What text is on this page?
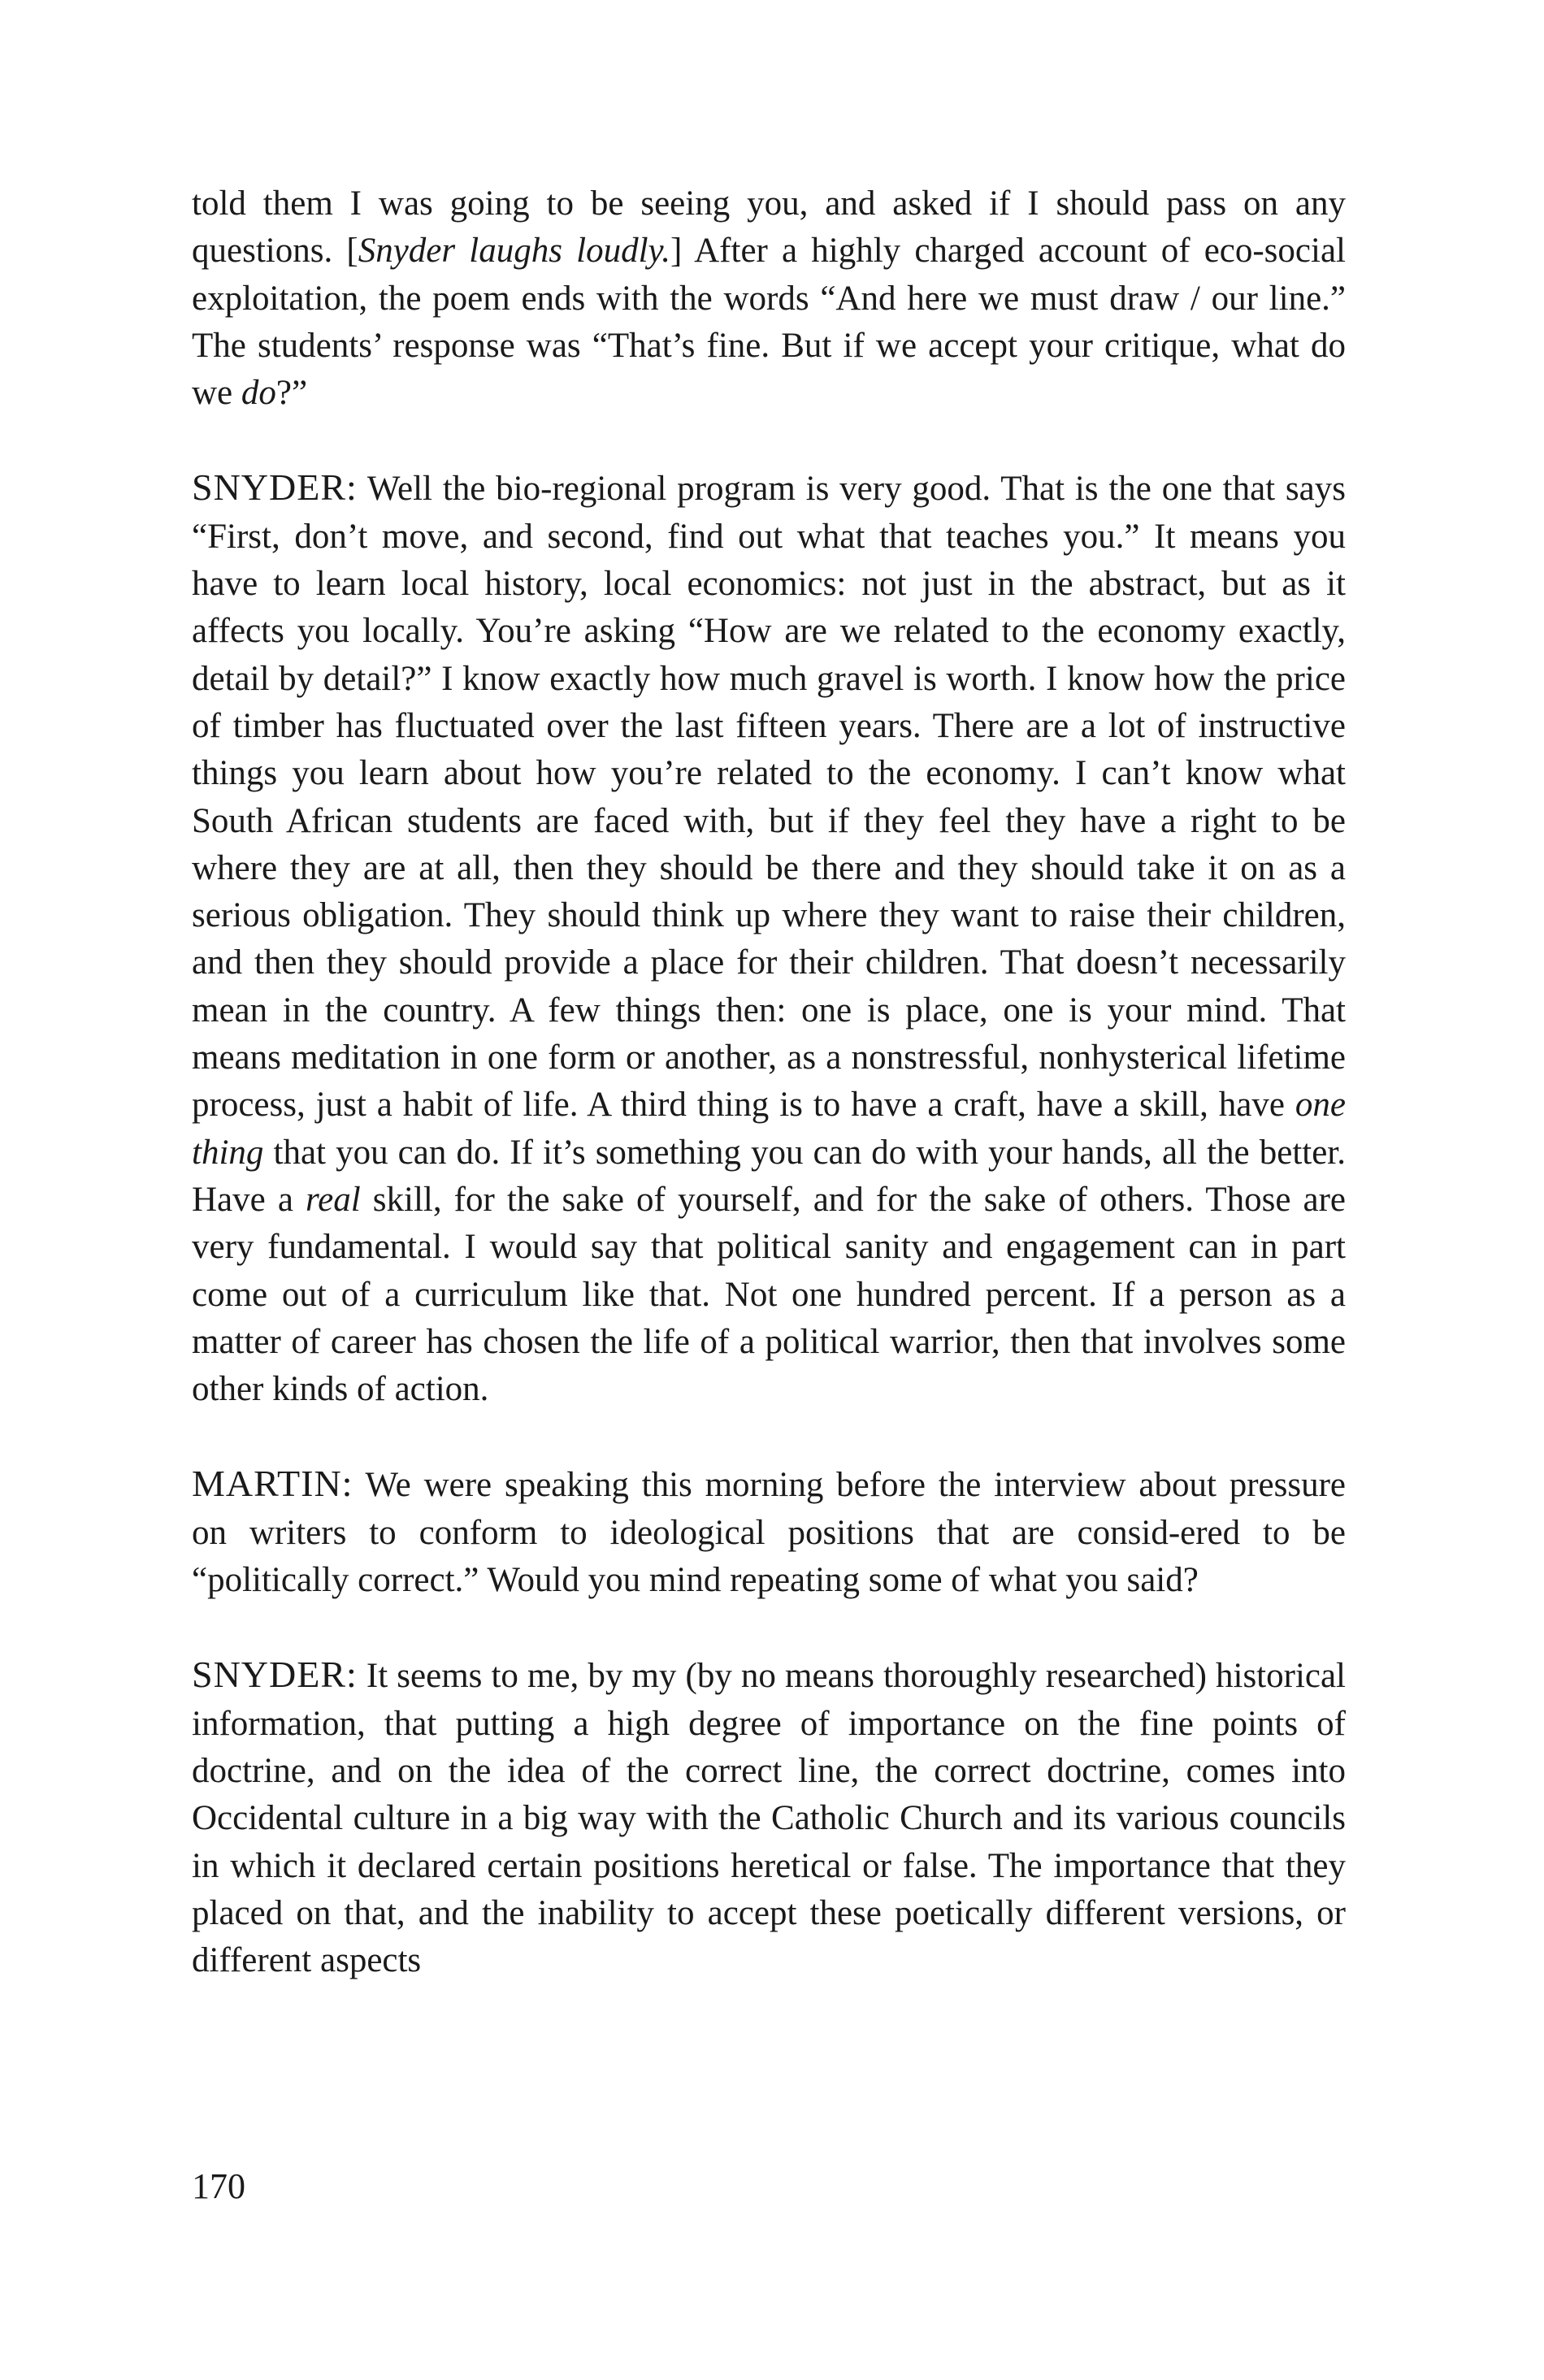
told them I was going to be seeing you, and asked if I should pass on any questions. [Snyder laughs loudly.] After a highly charged account of eco-social exploitation, the poem ends with the words “And here we must draw / our line.” The students’ response was “That’s fine. But if we accept your critique, what do we do?”

SNYDER: Well the bio-regional program is very good. That is the one that says “First, don’t move, and second, find out what that teaches you.” It means you have to learn local history, local economics: not just in the abstract, but as it affects you locally. You’re asking “How are we related to the economy exactly, detail by detail?” I know exactly how much gravel is worth. I know how the price of timber has fluctuated over the last fifteen years. There are a lot of instructive things you learn about how you’re related to the economy. I can’t know what South African students are faced with, but if they feel they have a right to be where they are at all, then they should be there and they should take it on as a serious obligation. They should think up where they want to raise their children, and then they should provide a place for their children. That doesn’t necessarily mean in the country. A few things then: one is place, one is your mind. That means meditation in one form or another, as a nonstressful, nonhysterical lifetime process, just a habit of life. A third thing is to have a craft, have a skill, have one thing that you can do. If it’s something you can do with your hands, all the better. Have a real skill, for the sake of yourself, and for the sake of others. Those are very fundamental. I would say that political sanity and engagement can in part come out of a curriculum like that. Not one hundred percent. If a person as a matter of career has chosen the life of a political warrior, then that involves some other kinds of action.

MARTIN: We were speaking this morning before the interview about pressure on writers to conform to ideological positions that are consid-ered to be “politically correct.” Would you mind repeating some of what you said?

SNYDER: It seems to me, by my (by no means thoroughly researched) historical information, that putting a high degree of importance on the fine points of doctrine, and on the idea of the correct line, the correct doctrine, comes into Occidental culture in a big way with the Catholic Church and its various councils in which it declared certain positions heretical or false. The importance that they placed on that, and the inability to accept these poetically different versions, or different aspects

170
